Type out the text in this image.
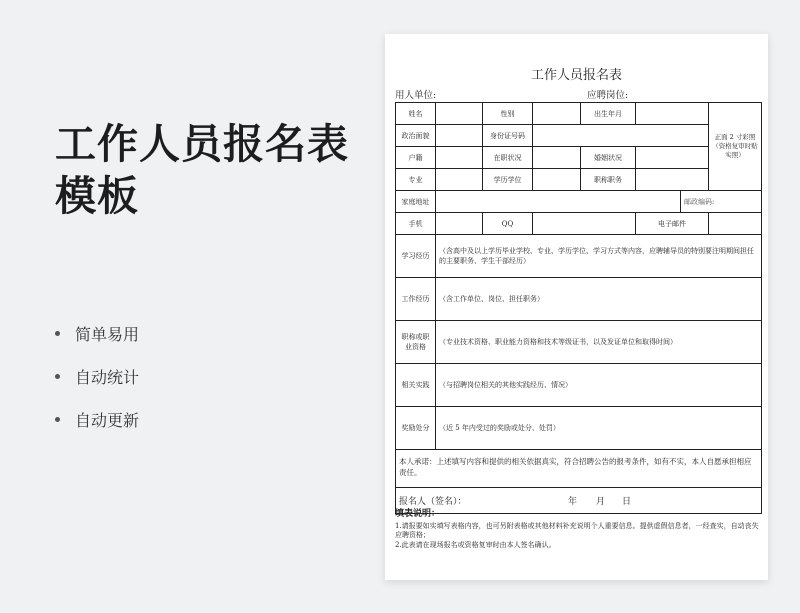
工作人员报名表模板
简单易用
自动统计
自动更新
工作人员报名表
用人单位:	应聘岗位:
姓名		性别		出生年月			正面 2 寸彩照（资格复审时贴实照）
政治面貌		身份证号码					
户籍		在职状况		婚姻状况			
专业		学历学位		职称职务			
家庭地址						邮政编码:	
手机		QQ			电子邮件		
学习经历	（含高中及以上学历毕业学校、专业、学历学位、学习方式等内容，应聘辅导员的特别要注明期间担任的主要职务、学生干部经历）						
工作经历	（含工作单位、岗位、担任职务）						
职称或职业资格	（专业技术资格、职业能力资格和技术等级证书，以及发证单位和取得时间）						
相关实践	（与招聘岗位相关的其他实践经历、情况）						
奖励处分	（近 5 年内受过的奖励或处分、处罚）						
本人承诺：上述填写内容和提供的相关依据真实，符合招聘公告的报考条件，如有不实，本人自愿承担相应责任。							
报名人（签名）： 年 月 日							
填表说明：
1.请报要如实填写表格内容，也可另附表格或其他材料补充说明个人重要信息。提供虚假信息者，一经查实，自动丧失应聘资格；
2.此表请在现场报名或资格复审时由本人签名确认。
